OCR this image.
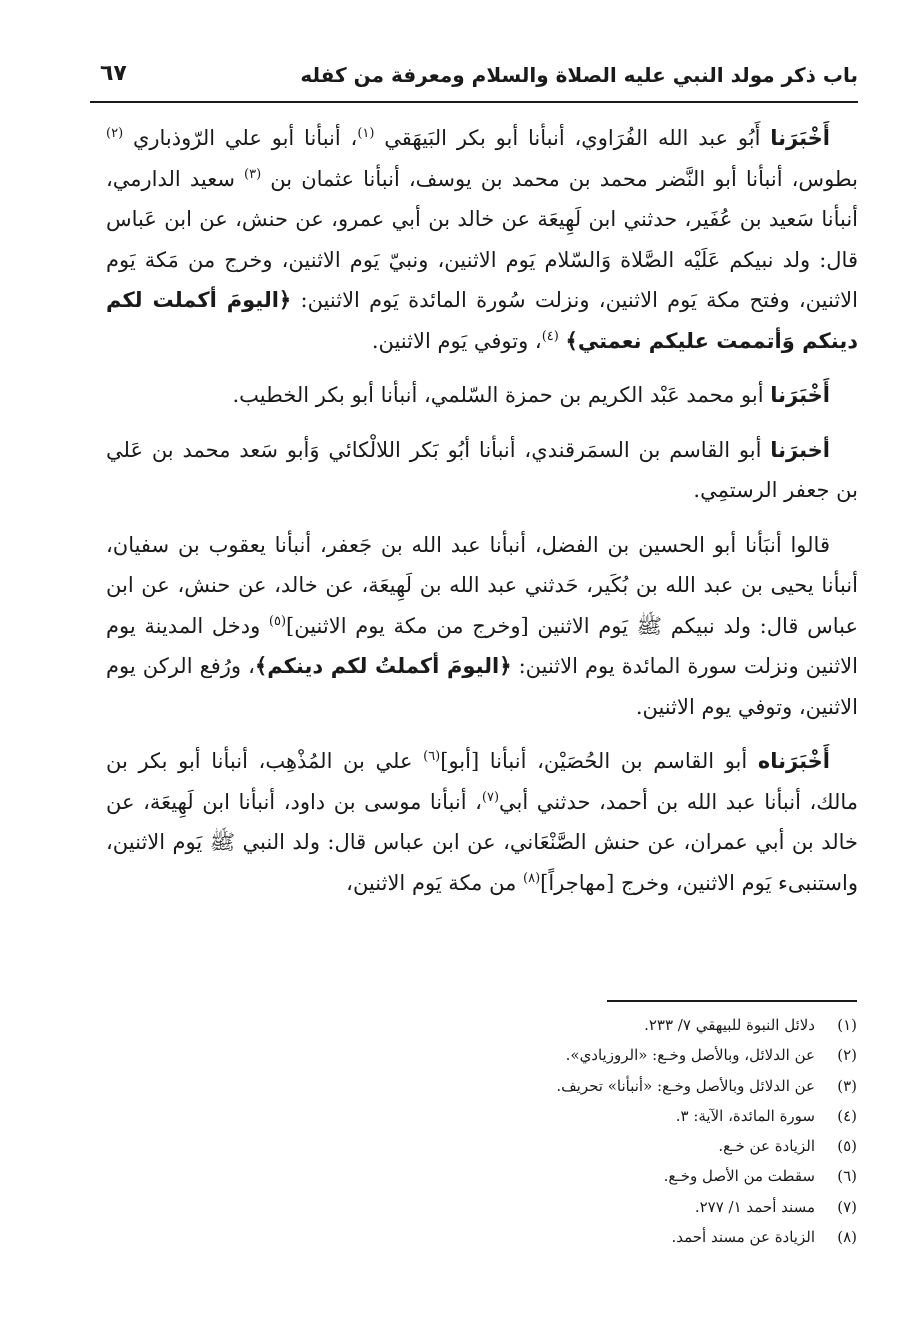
باب ذكر مولد النبي عليه الصلاة والسلام ومعرفة من كفله
٦٧

أَخْبَرَنا أَبُو عبد الله الفُرَاوي، أنبأنا أبو بكر البَيهَقي $^{(١)}$، أنبأنا أبو علي الرّوذباري $^{(٢)}$ بطوس، أنبأنا أبو النَّضر محمد بن محمد بن يوسف، أنبأنا عثمان بن $^{(٣)}$ سعيد الدارمي، أنبأنا سَعيد بن عُفَير، حدثني ابن لَهِيعَة عن خالد بن أبي عمرو، عن حنش، عن ابن عَباس قال: ولد نبيكم عَلَيْه الصَّلاة وَالسّلام يَوم الاثنين، ونبيّ يَوم الاثنين، وخرج من مَكة يَوم الاثنين، وفتح مكة يَوم الاثنين، ونزلت سُورة المائدة يَوم الاثنين: ﴿اليومَ أكملت لكم دينكم وَأتممت عليكم نعمتي﴾ $^{(٤)}$، وتوفي يَوم الاثنين.

أَخْبَرَنا أبو محمد عَبْد الكريم بن حمزة السّلمي، أنبأنا أبو بكر الخطيب.

أخبرَنا أبو القاسم بن السمَرقندي، أنبأنا أبُو بَكر اللالْكائي وَأبو سَعد محمد بن عَلي بن جعفر الرستمِي.

قالوا أنبَأنا أبو الحسين بن الفضل، أنبأنا عبد الله بن جَعفر، أنبأنا يعقوب بن سفيان، أنبأنا يحيى بن عبد الله بن بُكَير، حَدثني عبد الله بن لَهِيعَة، عن خالد، عن حنش، عن ابن عباس قال: ولد نبيكم ﷺ يَوم الاثنين [وخرج من مكة يوم الاثنين]$^{(٥)}$ ودخل المدينة يوم الاثنين ونزلت سورة المائدة يوم الاثنين: ﴿اليومَ أكملتُ لكم دينكم﴾، ورُفع الركن يوم الاثنين، وتوفي يوم الاثنين.

أَخْبَرَناه أبو القاسم بن الحُصَيْن، أنبأنا [أبو]$^{(٦)}$ علي بن المُذْهِب، أنبأنا أبو بكر بن مالك، أنبأنا عبد الله بن أحمد، حدثني أبي$^{(٧)}$، أنبأنا موسى بن داود، أنبأنا ابن لَهِيعَة، عن خالد بن أبي عمران، عن حنش الصَّنْعَاني، عن ابن عباس قال: ولد النبي ﷺ يَوم الاثنين، واستنبىء يَوم الاثنين، وخرج [مهاجراً]$^{(٨)}$ من مكة يَوم الاثنين،

(١)دلائل النبوة للبيهقي ٧/ ٢٣٣.
(٢)عن الدلائل، وبالأصل وخـع: «الروزيادي».
(٣)عن الدلائل وبالأصل وخـع: «أنبأنا» تحريف.
(٤)سورة المائدة، الآية: ٣.
(٥)الزيادة عن خـع.
(٦)سقطت من الأصل وخـع.
(٧)مسند أحمد ١/ ٢٧٧.
(٨)الزيادة عن مسند أحمد.
